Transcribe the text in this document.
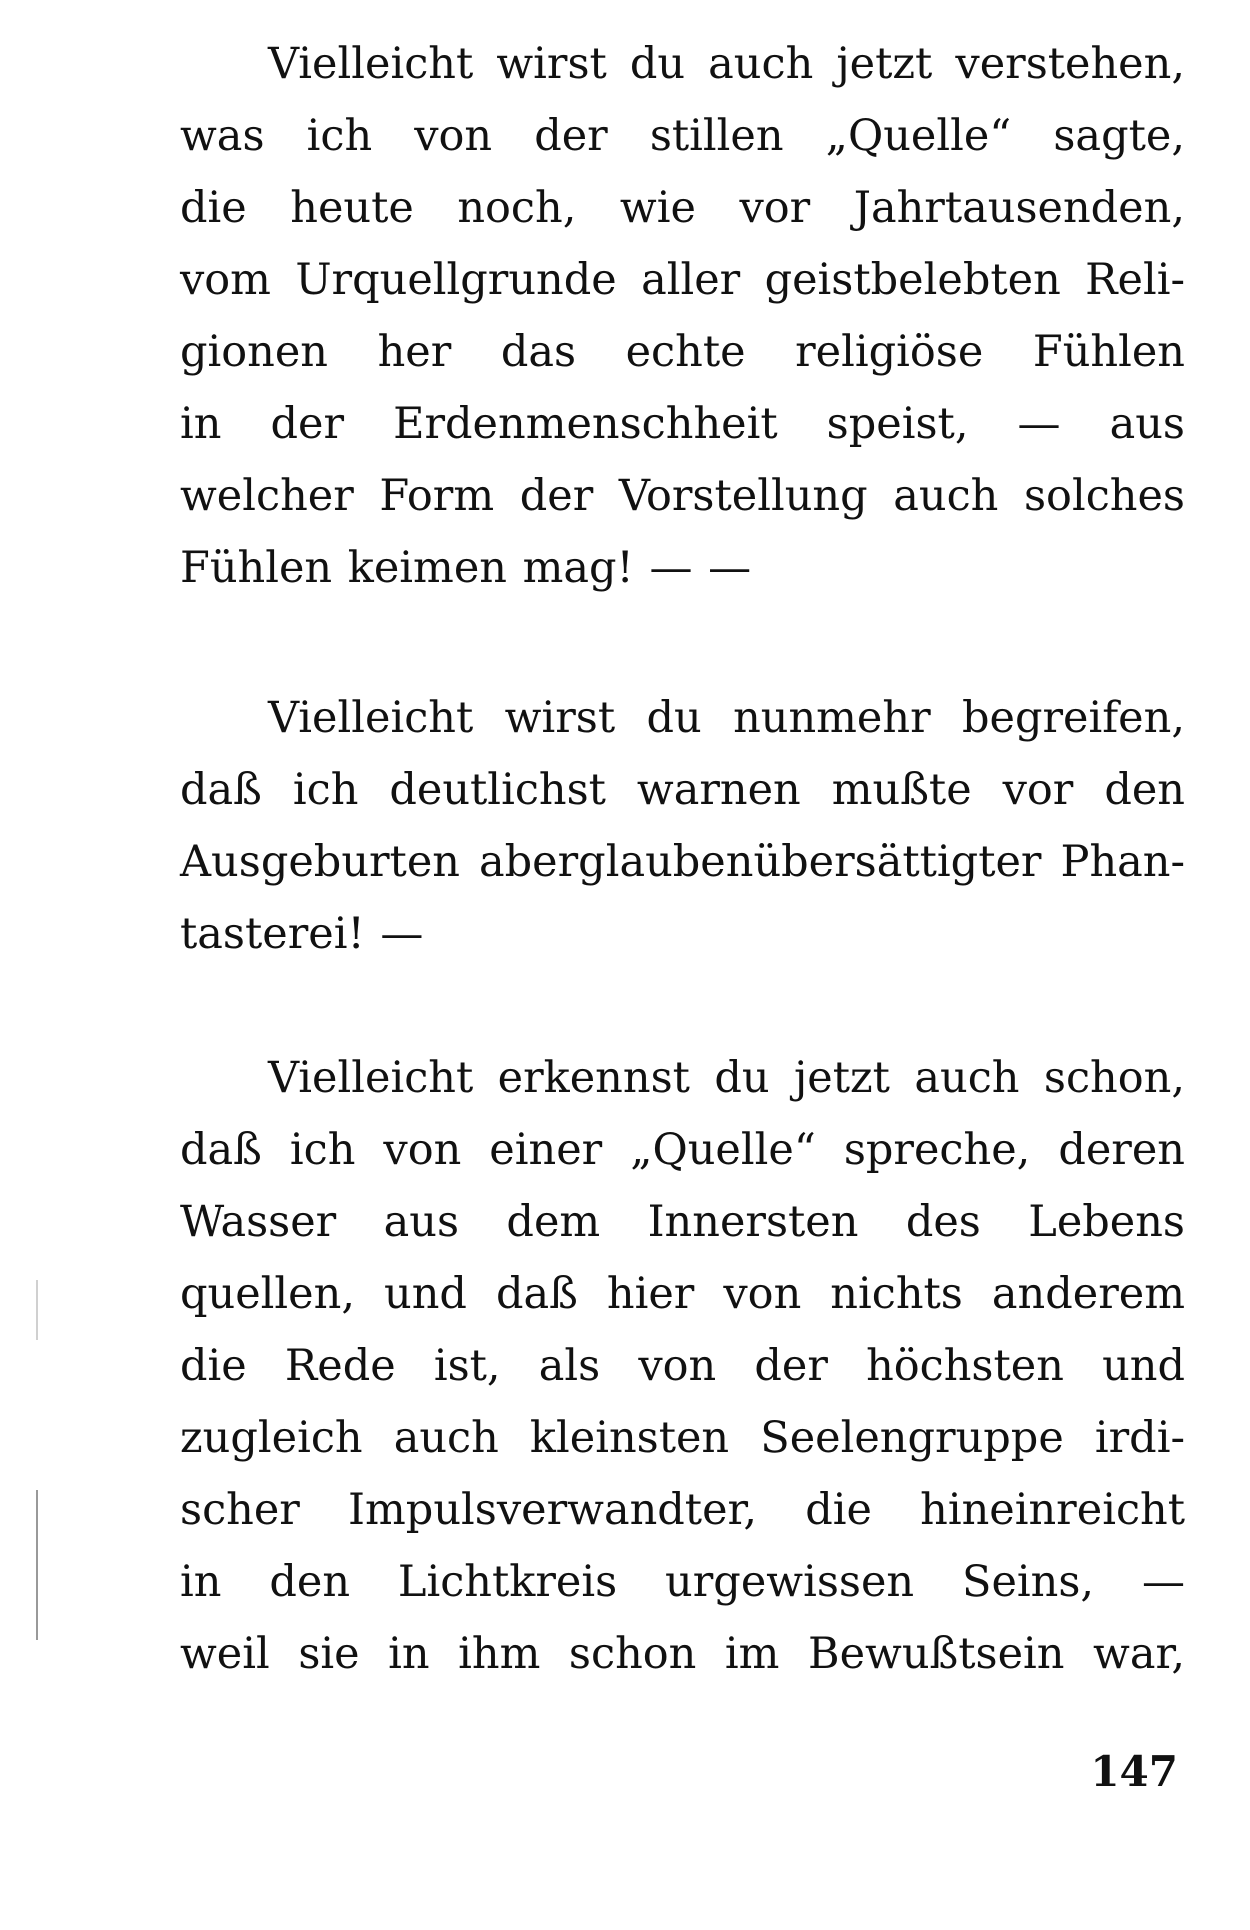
Vielleicht wirst du auch jetzt verstehen,
was ich von der stillen „Quelle“ sagte,
die heute noch, wie vor Jahrtausenden,
vom Urquellgrunde aller geistbelebten Reli-
gionen her das echte religiöse Fühlen
in der Erdenmenschheit speist, — aus
welcher Form der Vorstellung auch solches
Fühlen keimen mag! — —
Vielleicht wirst du nunmehr begreifen,
daß ich deutlichst warnen mußte vor den
Ausgeburten aberglaubenübersättigter Phan-
tasterei! —
Vielleicht erkennst du jetzt auch schon,
daß ich von einer „Quelle“ spreche, deren
Wasser aus dem Innersten des Lebens
quellen, und daß hier von nichts anderem
die Rede ist, als von der höchsten und
zugleich auch kleinsten Seelengruppe irdi-
scher Impulsverwandter, die hineinreicht
in den Lichtkreis urgewissen Seins, —
weil sie in ihm schon im Bewußtsein war,
147
